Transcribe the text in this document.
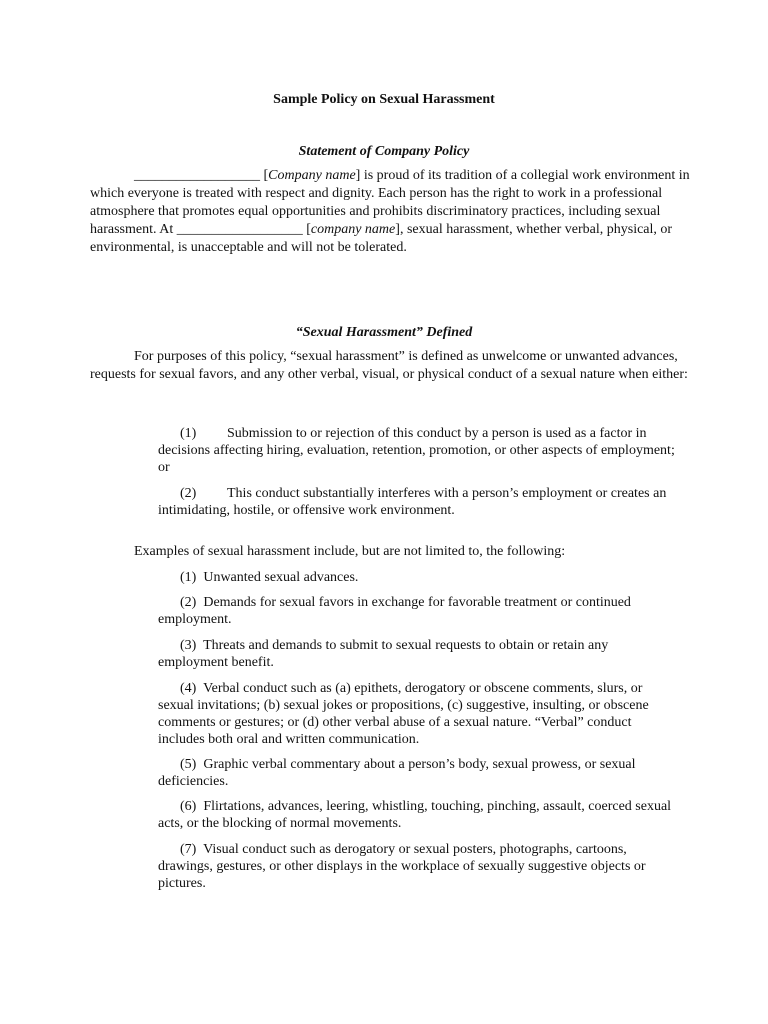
Sample Policy on Sexual Harassment
Statement of Company Policy

__________________ [Company name] is proud of its tradition of a collegial work environment in which everyone is treated with respect and dignity. Each person has the right to work in a professional atmosphere that promotes equal opportunities and prohibits discriminatory practices, including sexual harassment. At __________________ [company name], sexual harassment, whether verbal, physical, or environmental, is unacceptable and will not be tolerated.

“Sexual Harassment” Defined

For purposes of this policy, “sexual harassment” is defined as unwelcome or unwanted advances, requests for sexual favors, and any other verbal, visual, or physical conduct of a sexual nature when either:

(1) Submission to or rejection of this conduct by a person is used as a factor in decisions affecting hiring, evaluation, retention, promotion, or other aspects of employment; or

(2) This conduct substantially interferes with a person’s employment or creates an intimidating, hostile, or offensive work environment.

Examples of sexual harassment include, but are not limited to, the following:

(1) Unwanted sexual advances.

(2) Demands for sexual favors in exchange for favorable treatment or continued employment.

(3) Threats and demands to submit to sexual requests to obtain or retain any employment benefit.

(4) Verbal conduct such as (a) epithets, derogatory or obscene comments, slurs, or sexual invitations; (b) sexual jokes or propositions, (c) suggestive, insulting, or obscene comments or gestures; or (d) other verbal abuse of a sexual nature. “Verbal” conduct includes both oral and written communication.

(5) Graphic verbal commentary about a person’s body, sexual prowess, or sexual deficiencies.

(6) Flirtations, advances, leering, whistling, touching, pinching, assault, coerced sexual acts, or the blocking of normal movements.

(7) Visual conduct such as derogatory or sexual posters, photographs, cartoons, drawings, gestures, or other displays in the workplace of sexually suggestive objects or pictures.
